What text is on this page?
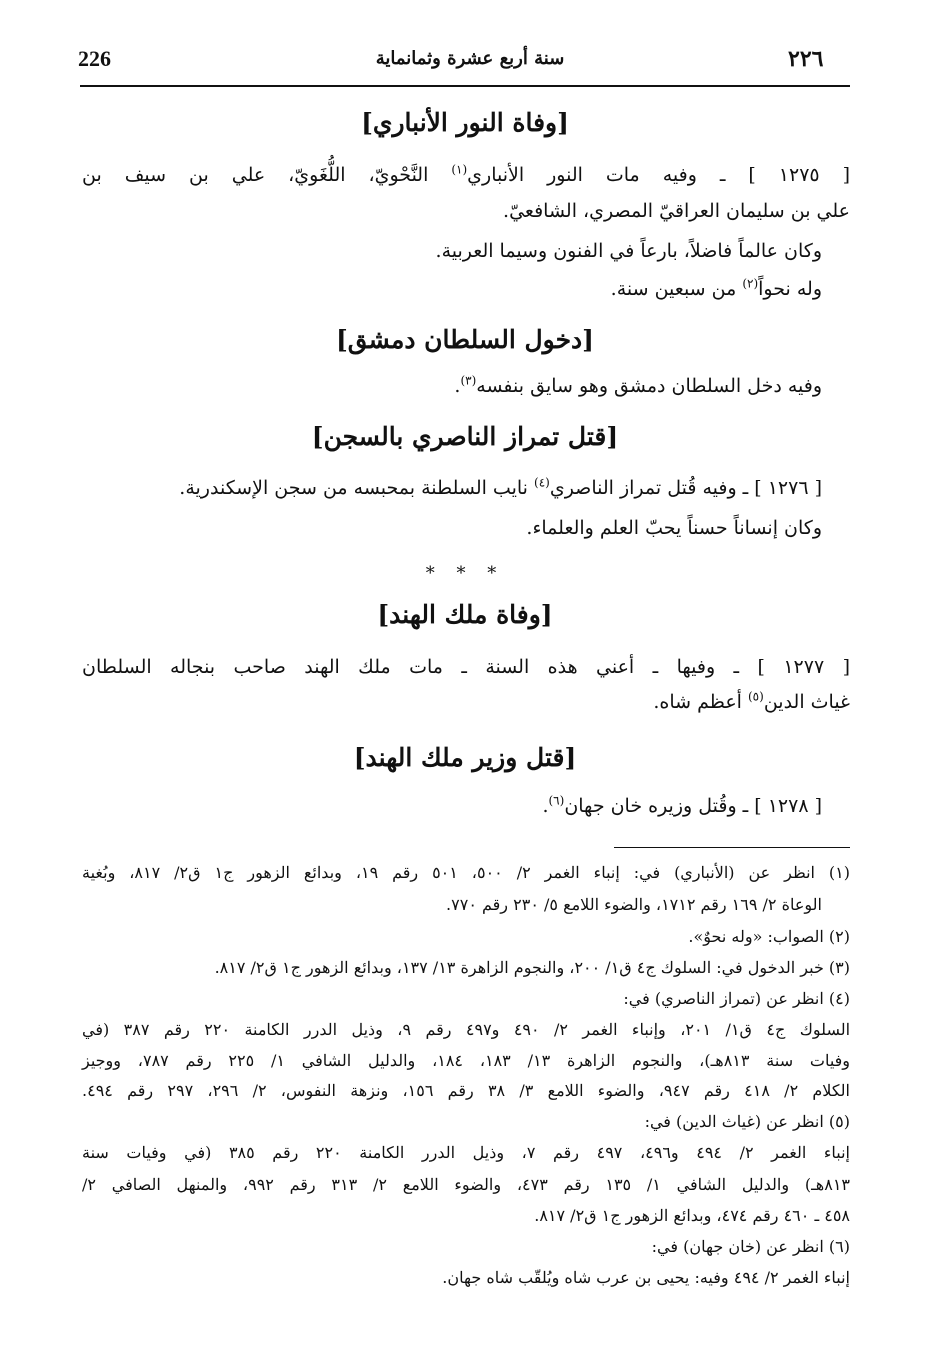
226	سنة أربع عشرة وثمانماية	٢٢٦
[وفاة النور الأنباري]
[ ١٢٧٥ ] ـ وفيه مات النور الأنباري$^{(١)}$ النَّحْويّ، اللُّغَويّ، علي بن سيف بن
علي بن سليمان العراقيّ المصري، الشافعيّ.
وكان عالماً فاضلاً، بارعاً في الفنون وسيما العربية.
وله نحواً$^{(٢)}$ من سبعين سنة.
[دخول السلطان دمشق]
وفيه دخل السلطان دمشق وهو سايق بنفسه$^{(٣)}$.
[قتل تمراز الناصري بالسجن]
[ ١٢٧٦ ] ـ وفيه قُتل تمراز الناصري$^{(٤)}$ نايب السلطنة بمحبسه من سجن الإسكندرية.
وكان إنساناً حسناً يحبّ العلم والعلماء.
* * *
[وفاة ملك الهند]
[ ١٢٧٧ ] ـ وفيها ـ أعني هذه السنة ـ مات ملك الهند صاحب بنجاله السلطان
غياث الدين$^{(٥)}$ أعظم شاه.
[قتل وزير ملك الهند]
[ ١٢٧٨ ] ـ وقُتل وزيره خان جهان$^{(٦)}$.
(١) انظر عن (الأنباري) في: إنباء الغمر ٢/ ٥٠٠، ٥٠١ رقم ١٩، وبدائع الزهور ج١ ق٢/ ٨١٧، وبُغية
الوعاة ٢/ ١٦٩ رقم ١٧١٢، والضوء اللامع ٥/ ٢٣٠ رقم ٧٧٠.
(٢) الصواب: «وله نحوٌ».
(٣) خبر الدخول في: السلوك ج٤ ق١/ ٢٠٠، والنجوم الزاهرة ١٣/ ١٣٧، وبدائع الزهور ج١ ق٢/ ٨١٧.
(٤) انظر عن (تمراز الناصري) في:
السلوك ج٤ ق١/ ٢٠١، وإنباء الغمر ٢/ ٤٩٠ و٤٩٧ رقم ٩، وذيل الدرر الكامنة ٢٢٠ رقم ٣٨٧ (في
وفيات سنة ٨١٣هـ)، والنجوم الزاهرة ١٣/ ١٨٣، ١٨٤، والدليل الشافي ١/ ٢٢٥ رقم ٧٨٧، ووجيز
الكلام ٢/ ٤١٨ رقم ٩٤٧، والضوء اللامع ٣/ ٣٨ رقم ١٥٦، ونزهة النفوس، ٢/ ٢٩٦، ٢٩٧ رقم ٤٩٤.
(٥) انظر عن (غياث الدين) في:
إنباء الغمر ٢/ ٤٩٤ و٤٩٦، ٤٩٧ رقم ٧، وذيل الدرر الكامنة ٢٢٠ رقم ٣٨٥ (في وفيات سنة
٨١٣هـ) والدليل الشافي ١/ ١٣٥ رقم ٤٧٣، والضوء اللامع ٢/ ٣١٣ رقم ٩٩٢، والمنهل الصافي ٢/
٤٥٨ ـ ٤٦٠ رقم ٤٧٤، وبدائع الزهور ج١ ق٢/ ٨١٧.
(٦) انظر عن (خان جهان) في:
إنباء الغمر ٢/ ٤٩٤ وفيه: يحيى بن عرب شاه ويُلقّب شاه جهان.
